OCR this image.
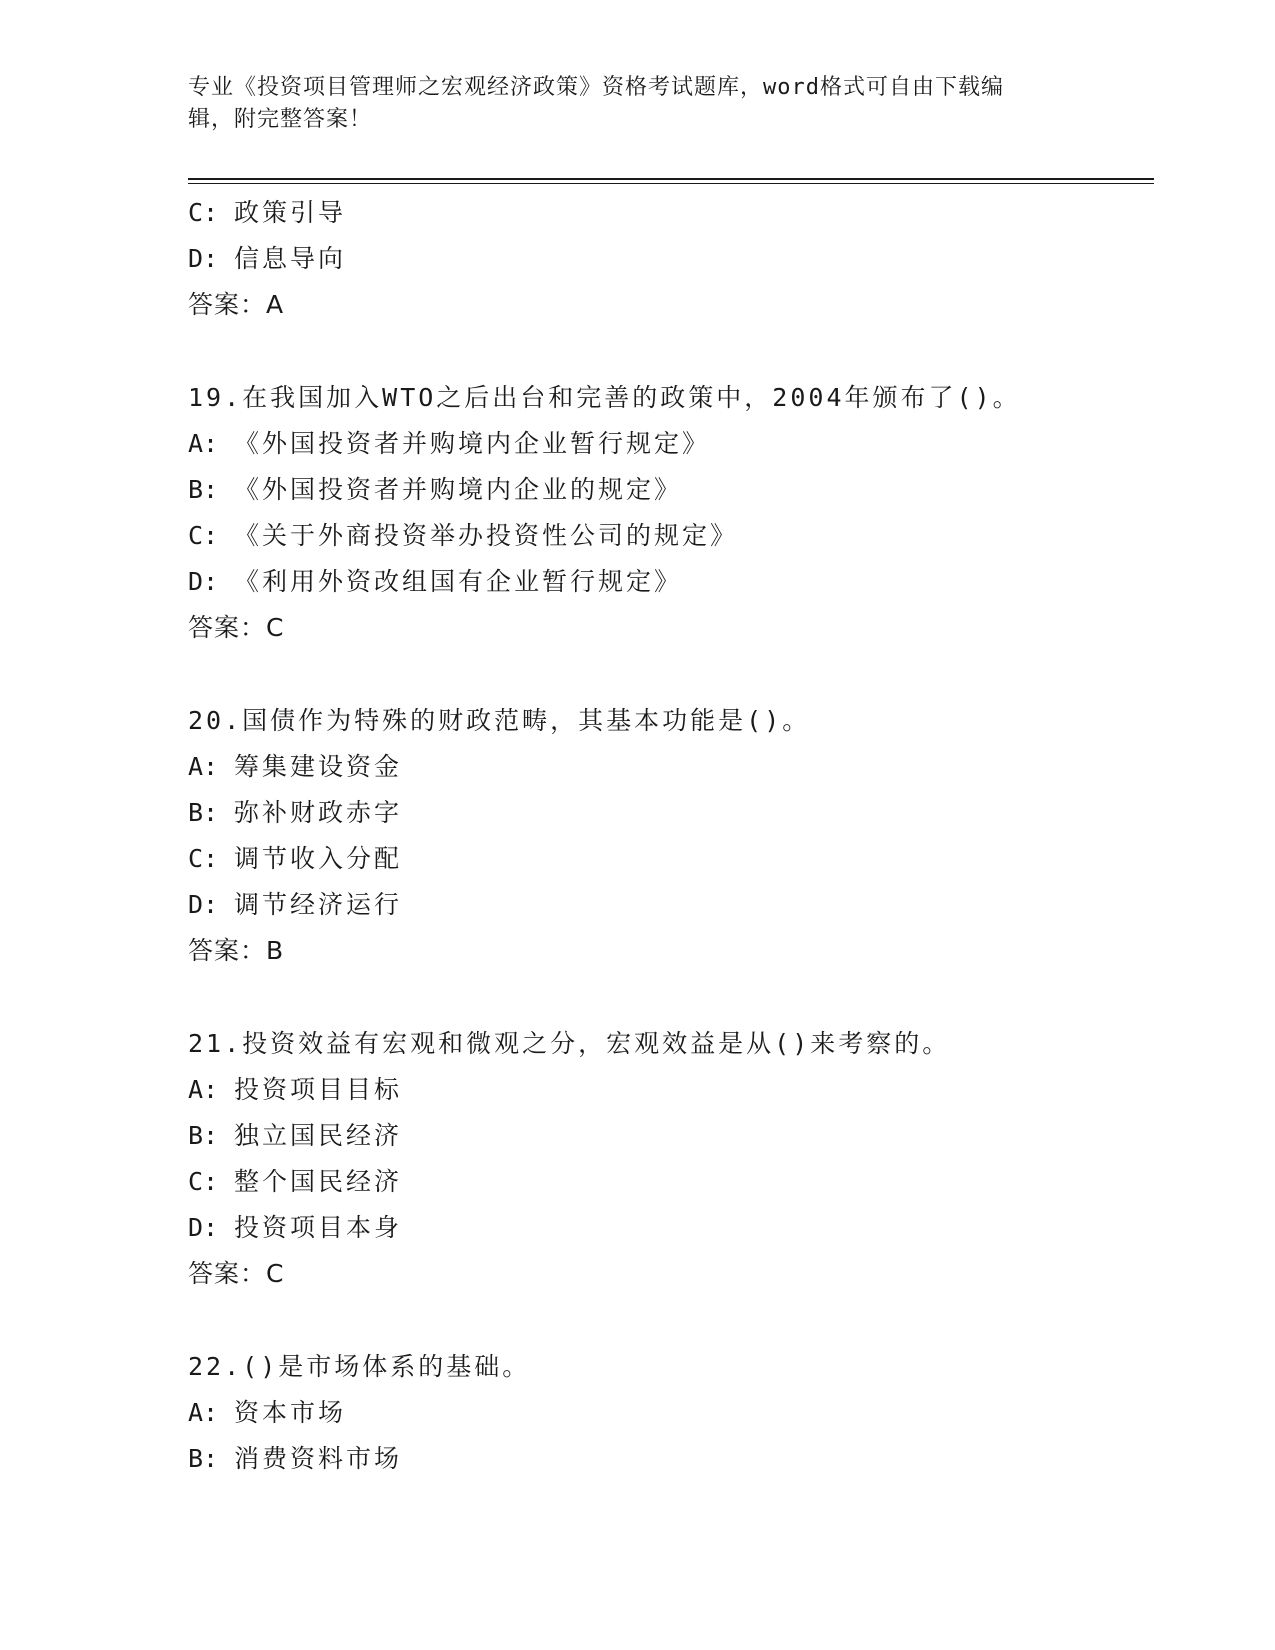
专业《投资项目管理师之宏观经济政策》资格考试题库，word格式可自由下载编
辑，附完整答案！
C: 政策引导
D: 信息导向
答案：A
19.在我国加入WTO之后出台和完善的政策中，2004年颁布了()。
A: 《外国投资者并购境内企业暂行规定》
B: 《外国投资者并购境内企业的规定》
C: 《关于外商投资举办投资性公司的规定》
D: 《利用外资改组国有企业暂行规定》
答案：C
20.国债作为特殊的财政范畴，其基本功能是()。
A: 筹集建设资金
B: 弥补财政赤字
C: 调节收入分配
D: 调节经济运行
答案：B
21.投资效益有宏观和微观之分，宏观效益是从()来考察的。
A: 投资项目目标
B: 独立国民经济
C: 整个国民经济
D: 投资项目本身
答案：C
22.()是市场体系的基础。
A: 资本市场
B: 消费资料市场
